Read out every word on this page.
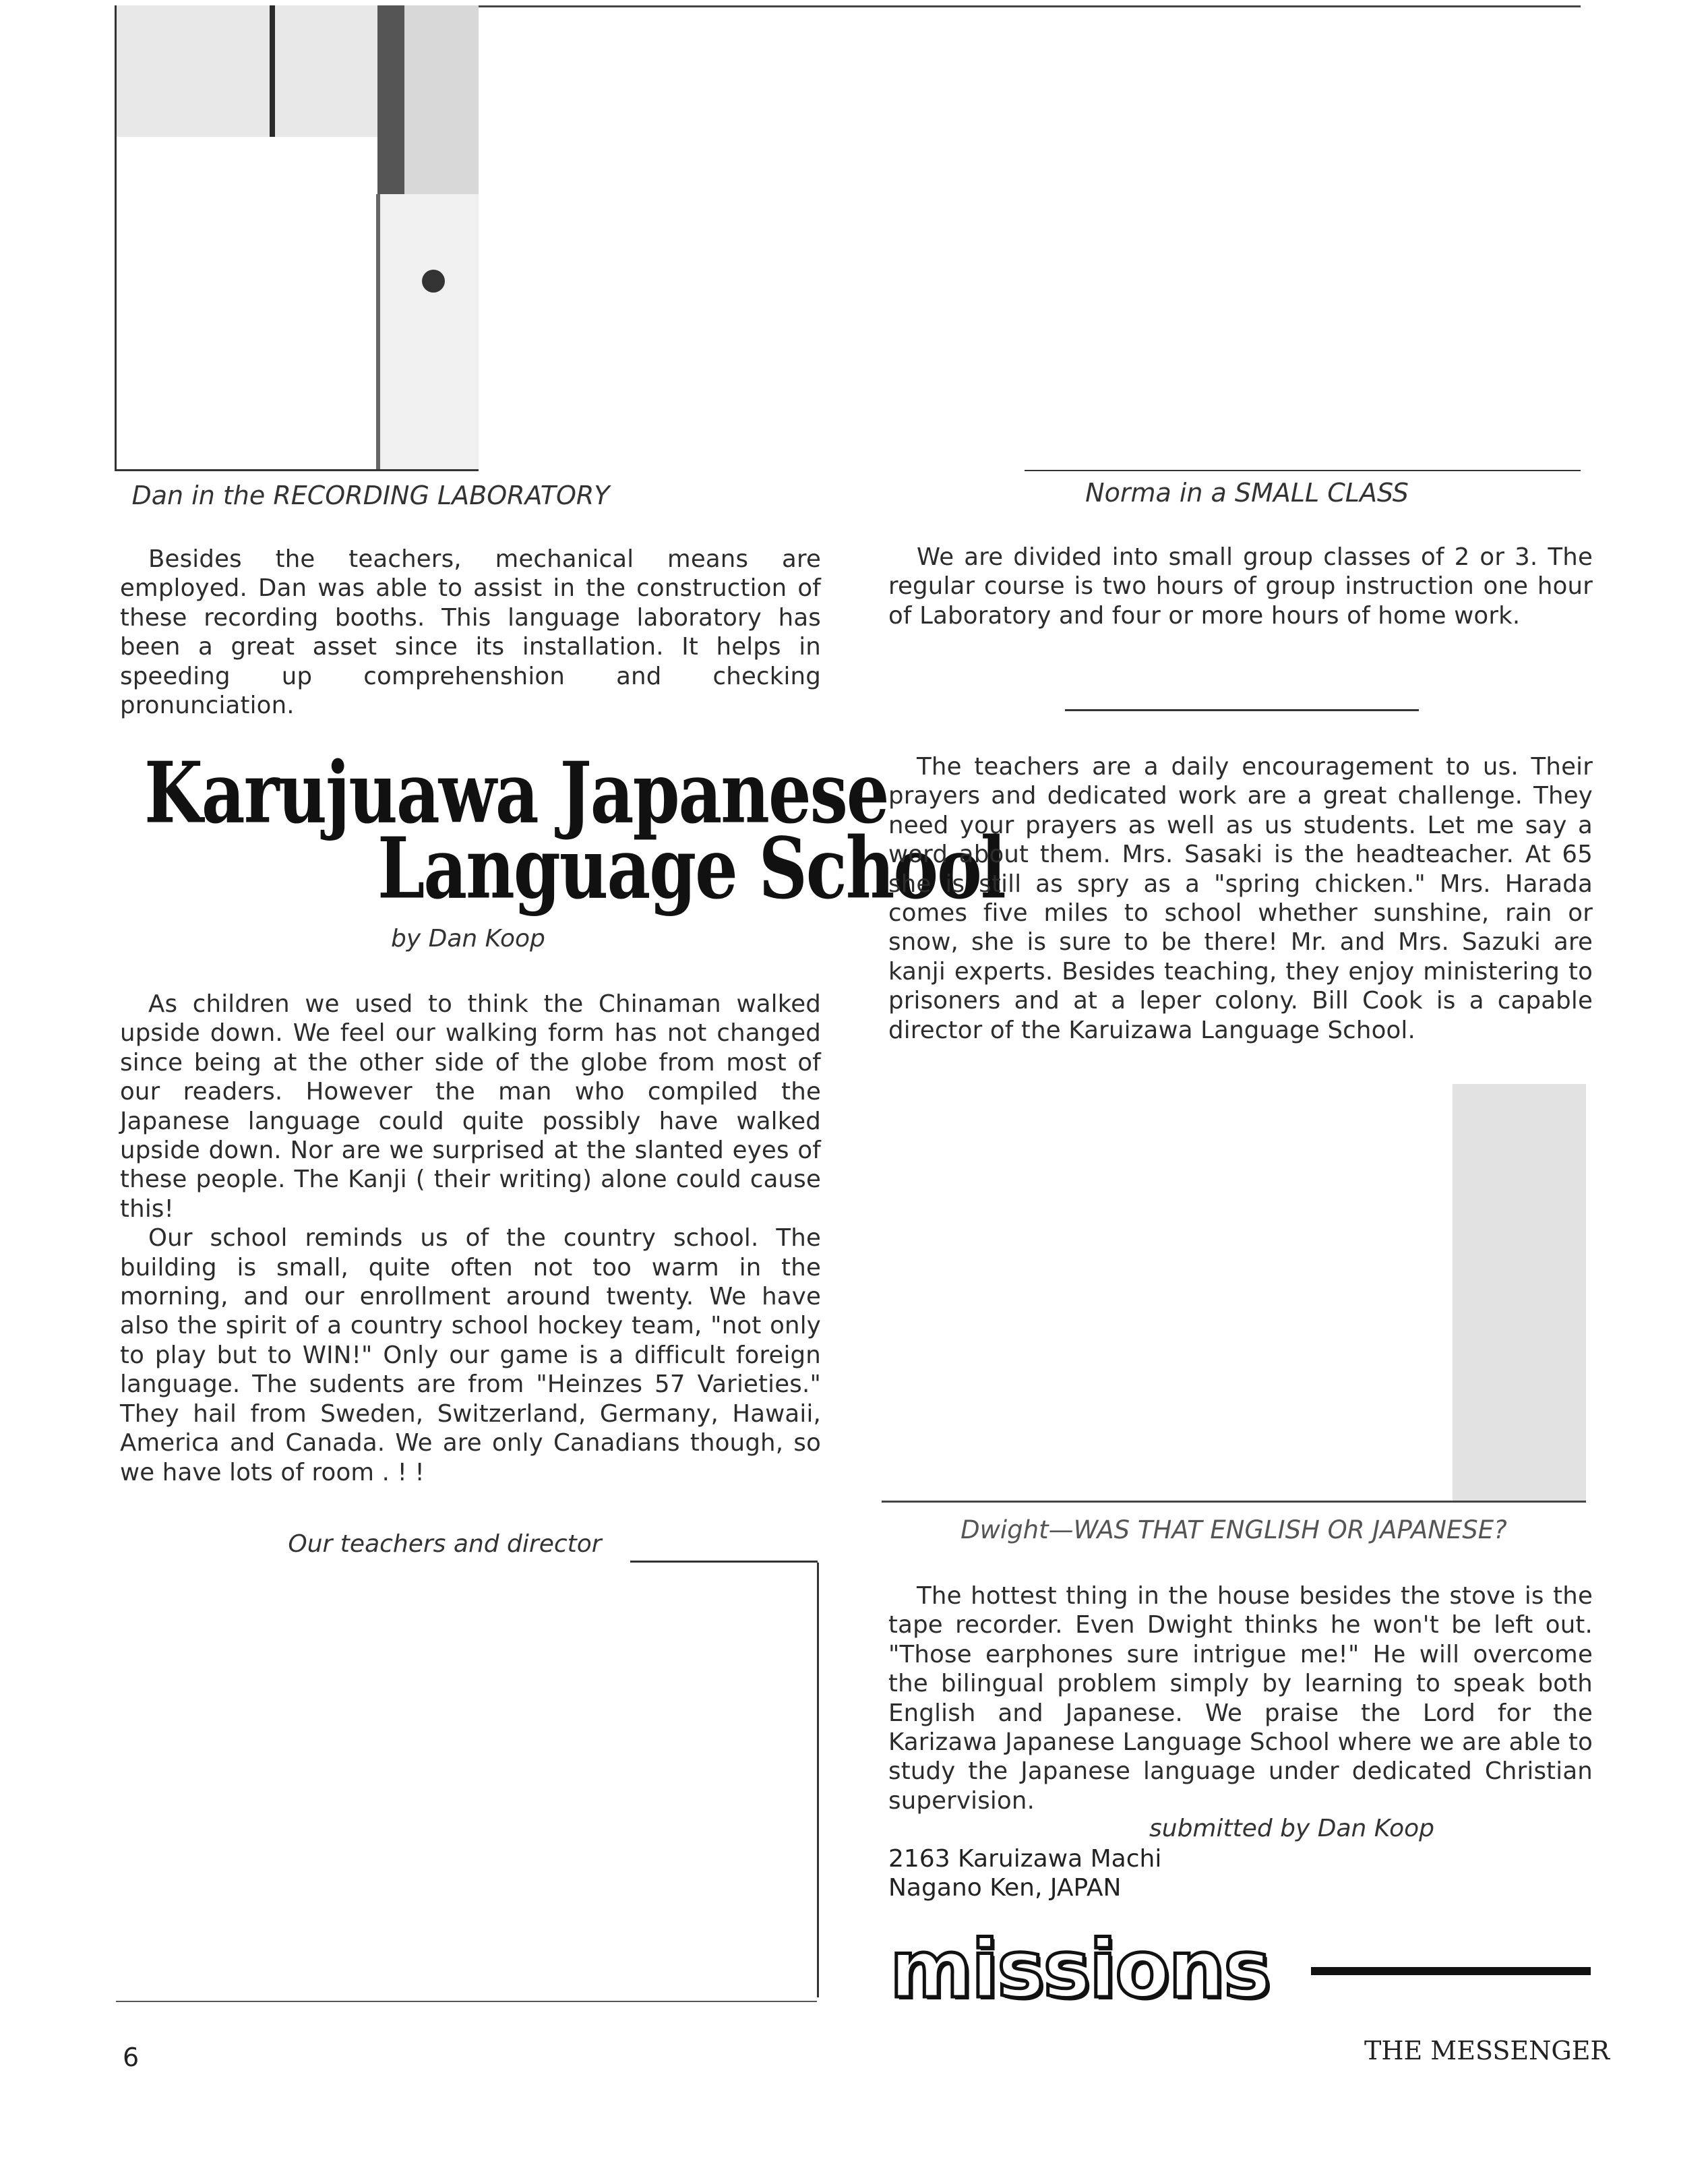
Dan in the RECORDING LABORATORY	Norma in a SMALL CLASS

Besides the teachers, mechanical means are employed. Dan was able to assist in the construction of these recording booths. This language laboratory has been a great asset since its installation. It helps in speeding up comprehenshion and checking pronunciation.

Karujuawa Japanese
Language School
by Dan Koop

As children we used to think the Chinaman walked upside down. We feel our walking form has not changed since being at the other side of the globe from most of our readers. However the man who compiled the Japanese language could quite possibly have walked upside down. Nor are we surprised at the slanted eyes of these people. The Kanji ( their writing) alone could cause this!

Our school reminds us of the country school. The building is small, quite often not too warm in the morning, and our enrollment around twenty. We have also the spirit of a country school hockey team, "not only to play but to WIN!" Only our game is a difficult foreign language. The sudents are from "Heinzes 57 Varieties." They hail from Sweden, Switzerland, Germany, Hawaii, America and Canada. We are only Canadians though, so we have lots of room . ! !

Our teachers and director

We are divided into small group classes of 2 or 3. The regular course is two hours of group instruction one hour of Laboratory and four or more hours of home work.

The teachers are a daily encouragement to us. Their prayers and dedicated work are a great challenge. They need your prayers as well as us students. Let me say a word about them. Mrs. Sasaki is the headteacher. At 65 she is still as spry as a "spring chicken." Mrs. Harada comes five miles to school whether sunshine, rain or snow, she is sure to be there! Mr. and Mrs. Sazuki are kanji experts. Besides teaching, they enjoy ministering to prisoners and at a leper colony. Bill Cook is a capable director of the Karuizawa Language School.

Dwight—WAS THAT ENGLISH OR JAPANESE?

The hottest thing in the house besides the stove is the tape recorder. Even Dwight thinks he won't be left out. "Those earphones sure intrigue me!" He will overcome the bilingual problem simply by learning to speak both English and Japanese. We praise the Lord for the Karizawa Japanese Language School where we are able to study the Japanese language under dedicated Christian supervision.

submitted by Dan Koop
2163 Karuizawa Machi
Nagano Ken, JAPAN
missions
6	THE MESSENGER
